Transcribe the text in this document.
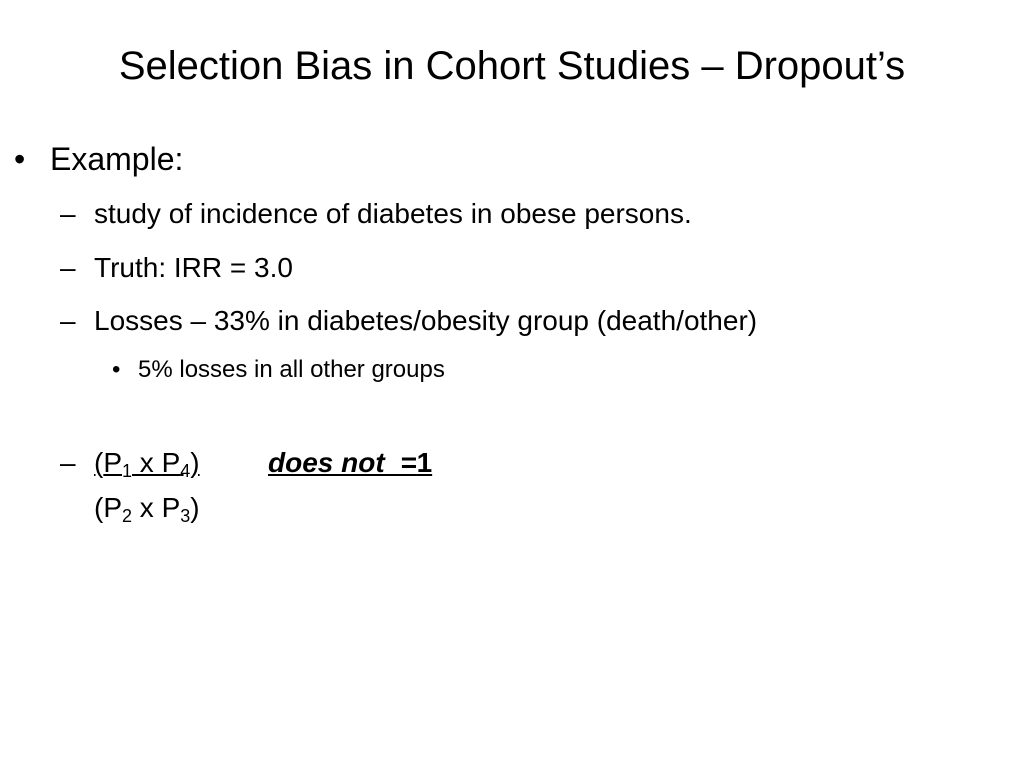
Selection Bias in Cohort Studies – Dropout’s
• Example:
– study of incidence of diabetes in obese persons.
– Truth: IRR = 3.0
– Losses – 33% in diabetes/obesity group (death/other)
• 5% losses in all other groups
– ($P_1$ x $P_4$) does not  =1
($P_2$ x $P_3$)
